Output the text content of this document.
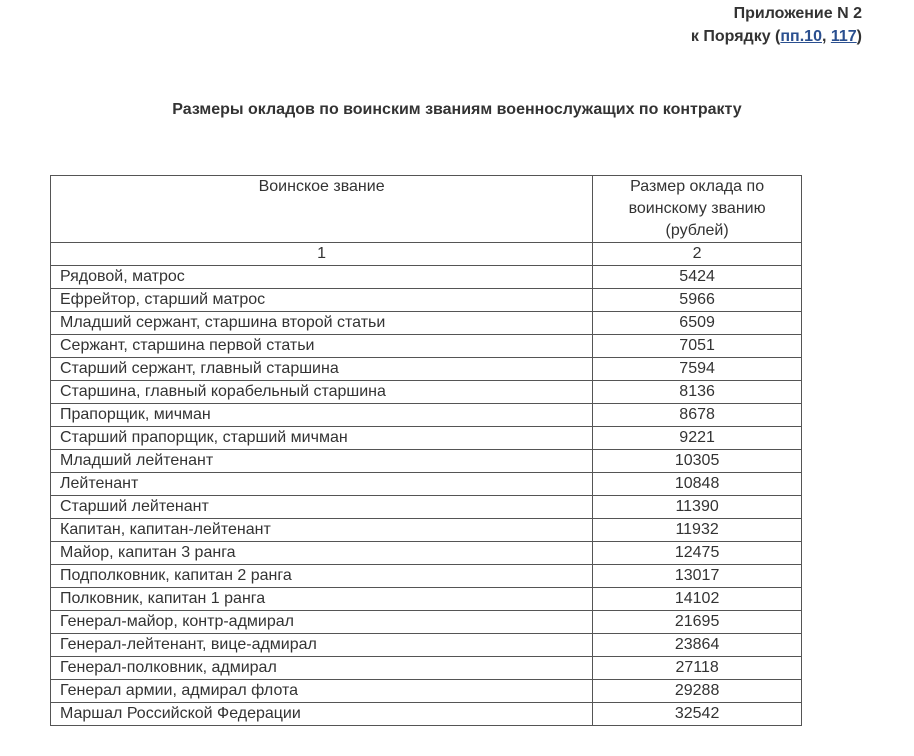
Приложение N 2
к Порядку (пп.10, 117)
Размеры окладов по воинским званиям военнослужащих по контракту
Воинское звание	Размер оклада по воинскому званию (рублей)
1	2
Рядовой, матрос	5424
Ефрейтор, старший матрос	5966
Младший сержант, старшина второй статьи	6509
Сержант, старшина первой статьи	7051
Старший сержант, главный старшина	7594
Старшина, главный корабельный старшина	8136
Прапорщик, мичман	8678
Старший прапорщик, старший мичман	9221
Младший лейтенант	10305
Лейтенант	10848
Старший лейтенант	11390
Капитан, капитан-лейтенант	11932
Майор, капитан 3 ранга	12475
Подполковник, капитан 2 ранга	13017
Полковник, капитан 1 ранга	14102
Генерал-майор, контр-адмирал	21695
Генерал-лейтенант, вице-адмирал	23864
Генерал-полковник, адмирал	27118
Генерал армии, адмирал флота	29288
Маршал Российской Федерации	32542
